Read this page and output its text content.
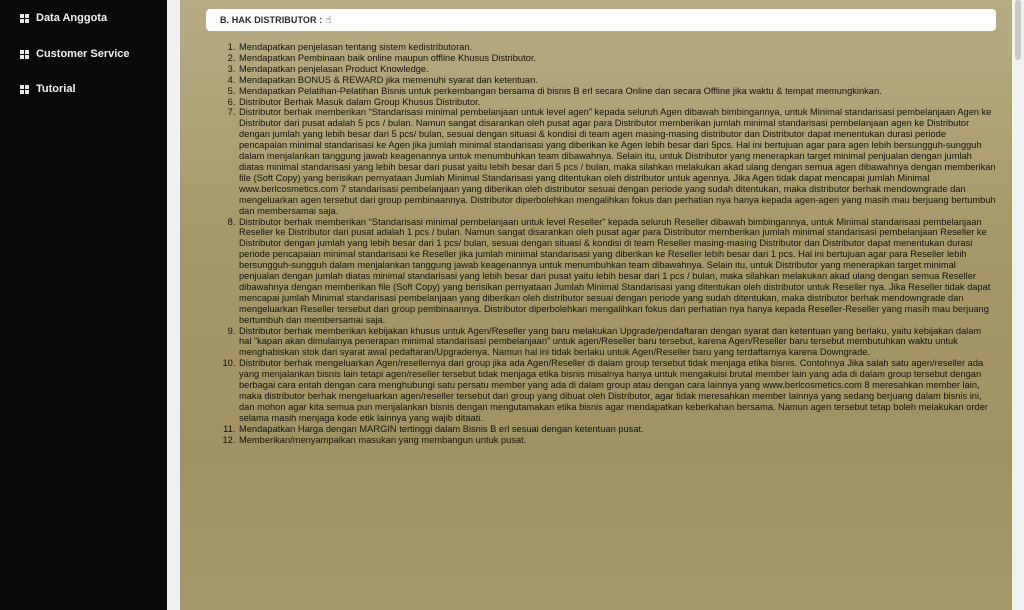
Data Anggota
Customer Service
Tutorial
B. HAK DISTRIBUTOR : ☝
1. Mendapatkan penjelasan tentang sistem kedistributoran.
2. Mendapatkan Pembinaan baik online maupun offline Khusus Distributor.
3. Mendapatkan penjelasan Product Knowledge.
4. Mendapatkan BONUS & REWARD jika memenuhi syarat dan ketentuan.
5. Mendapatkan Pelatihan-Pelatihan Bisnis untuk perkembangan bersama di bisnis B erl secara Online dan secara Offline jika waktu & tempat memungkinkan.
6. Distributor Berhak Masuk dalam Group Khusus Distributor.
7. Distributor berhak memberikan “Standarisasi minimal pembelanjaan untuk level agen” kepada seluruh Agen dibawah bimbingannya, untuk Minimal standarisasi pembelanjaan Agen ke Distributor dari pusat adalah 5 pcs / bulan. Namun sangat disarankan oleh pusat agar para Distributor memberikan jumlah minimal standarisasi pembelanjaan agen ke Distributor dengan jumlah yang lebih besar dari 5 pcs/ bulan, sesuai dengan situasi & kondisi di team agen masing-masing distributor dan Distributor dapat menentukan durasi periode pencapaian minimal standarisasi ke Agen jika jumlah minimal standarisasi yang diberikan ke Agen lebih besar dari 5pcs. Hal ini bertujuan agar para agen lebih bersungguh-sungguh dalam menjalankan tanggung jawab keagenannya untuk menumbuhkan team dibawahnya. Selain itu, untuk Distributor yang menerapkan target minimal penjualan dengan jumlah diatas minimal standarisasi yang lebih besar dari pusat yaitu lebih besar dari 5 pcs / bulan, maka silahkan melakukan akad ulang dengan semua agen dibawahnya dengan memberikan file (Soft Copy) yang berisikan pernyataan Jumlah Minimal Standarisasi yang ditentukan oleh distributor untuk agennya. Jika Agen tidak dapat mencapai jumlah Minimal www.berlcosmetics.com 7 standarisasi pembelanjaan yang diberikan oleh distributor sesuai dengan periode yang sudah ditentukan, maka distributor berhak mendowngrade dan mengeluarkan agen tersebut dari group pembinaannya. Distributor diperbolehkan mengalihkan fokus dan perhatian nya hanya kepada agen-agen yang masih mau berjuang bertumbuh dan membersamai saja.
8. Distributor berhak memberikan “Standarisasi minimal pembelanjaan untuk level Reseller” kepada seluruh Reseller dibawah bimbingannya, untuk Minimal standarisasi pembelanjaan Reseller ke Distributor dari pusat adalah 1 pcs / bulan. Namun sangat disarankan oleh pusat agar para Distributor memberikan jumlah minimal standarisasi pembelanjaan Reseller ke Distributor dengan jumlah yang lebih besar dari 1 pcs/ bulan, sesuai dengan situasi & kondisi di team Reseller masing-masing Distributor dan Distributor dapat menentukan durasi periode pencapaian minimal standarisasi ke Reseller jika jumlah minimal standarisasi yang diberikan ke Reseller lebih besar dari 1 pcs. Hal ini bertujuan agar para Reseller lebih bersungguh-sungguh dalam menjalankan tanggung jawab keagenannya untuk menumbuhkan team dibawahnya. Selain itu, untuk Distributor yang menerapkan target minimal penjualan dengan jumlah diatas minimal standarisasi yang lebih besar dari pusat yaitu lebih besar dari 1 pcs / bulan, maka silahkan melakukan akad ulang dengan semua Reseller dibawahnya dengan memberikan file (Soft Copy) yang berisikan pernyataan Jumlah Minimal Standarisasi yang ditentukan oleh distributor untuk Reseller nya. Jika Reseller tidak dapat mencapai jumlah Minimal standarisasi pembelanjaan yang diberikan oleh distributor sesuai dengan periode yang sudah ditentukan, maka distributor berhak mendowngrade dan mengeluarkan Reseller tersebut dari group pembinaannya. Distributor diperbolehkan mengalihkan fokus dan perhatian nya hanya kepada Reseller-Reseller yang masih mau berjuang bertumbuh dan membersamai saja.
9. Distributor berhak memberikan kebijakan khusus untuk Agen/Reseller yang baru melakukan Upgrade/pendaftaran dengan syarat dan ketentuan yang berlaku, yaitu kebijakan dalam hal “kapan akan dimulainya penerapan minimal standarisasi pembelanjaan” untuk agen/Reseller baru tersebut, karena Agen/Reseller baru tersebut membutuhkan waktu untuk menghabiskan stok dari syarat awal pedaftaran/Upgradenya. Namun hal ini tidak berlaku untuk Agen/Reseller baru yang terdaftarnya karena Downgrade.
10. Distributor berhak mengeluarkan Agen/resellernya dari group jika ada Agen/Reseller di dalam group tersebut tidak menjaga etika bisnis. Contohnya Jika salah satu agen/reseller ada yang menjalankan bisnis lain tetapi agen/reseller tersebut tidak menjaga etika bisnis misalnya hanya untuk mengakuisi brutal member lain yang ada di dalam group tersebut dengan berbagai cara entah dengan cara menghubungi satu persatu member yang ada di dalam group atau dengan cara lainnya yang www.berlcosmetics.com 8 meresahkan member lain, maka distributor berhak mengeluarkan agen/reseller tersebut dari group yang dibuat oleh Distributor, agar tidak meresahkan member lainnya yang sedang berjuang dalam bisnis ini, dan mohon agar kita semua pun menjalankan bisnis dengan mengutamakan etika bisnis agar mendapatkan keberkahan bersama. Namun agen tersebut tetap boleh melakukan order selama masih menjaga kode etik lainnya yang wajib ditaati.
11. Mendapatkan Harga dengan MARGIN tertinggi dalam Bisnis B erl sesuai dengan ketentuan pusat.
12. Memberikan/menyampaikan masukan yang membangun untuk pusat.
